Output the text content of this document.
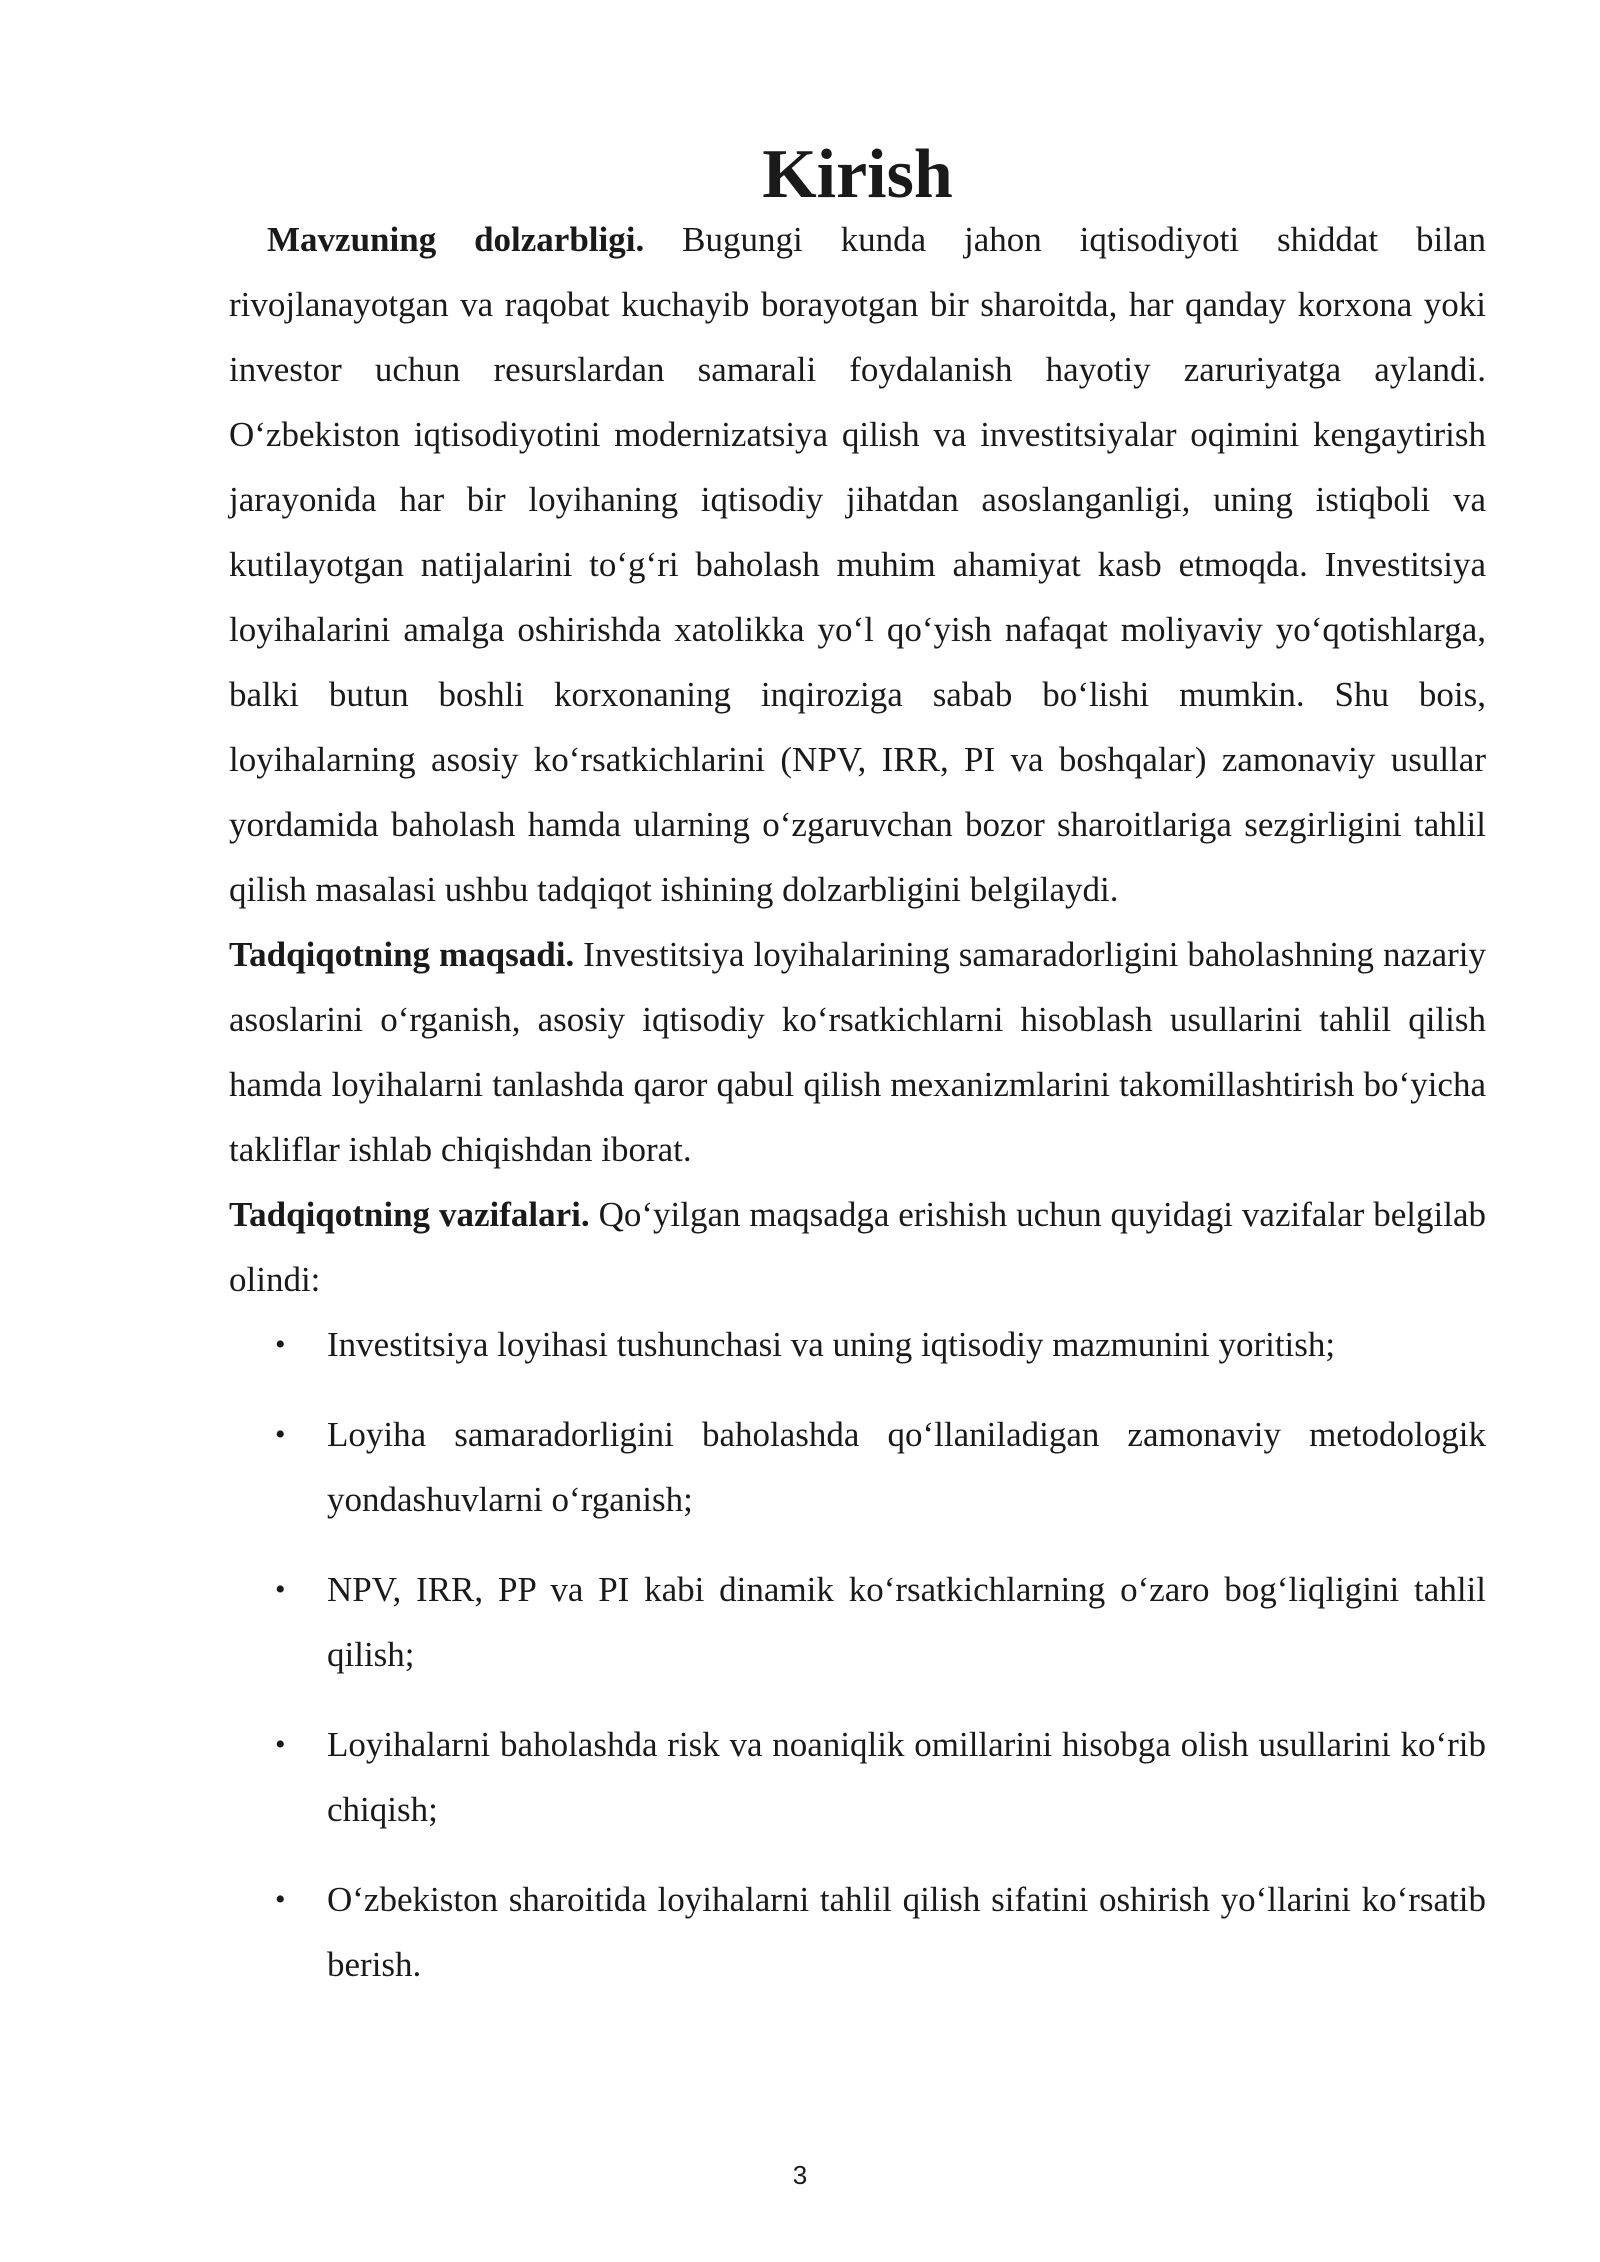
Kirish

Mavzuning dolzarbligi. Bugungi kunda jahon iqtisodiyoti shiddat bilan rivojlanayotgan va raqobat kuchayib borayotgan bir sharoitda, har qanday korxona yoki investor uchun resurslardan samarali foydalanish hayotiy zaruriyatga aylandi. O‘zbekiston iqtisodiyotini modernizatsiya qilish va investitsiyalar oqimini kengaytirish jarayonida har bir loyihaning iqtisodiy jihatdan asoslanganligi, uning istiqboli va kutilayotgan natijalarini to‘g‘ri baholash muhim ahamiyat kasb etmoqda. Investitsiya loyihalarini amalga oshirishda xatolikka yo‘l qo‘yish nafaqat moliyaviy yo‘qotishlarga, balki butun boshli korxonaning inqiroziga sabab bo‘lishi mumkin. Shu bois, loyihalarning asosiy ko‘rsatkichlarini (NPV, IRR, PI va boshqalar) zamonaviy usullar yordamida baholash hamda ularning o‘zgaruvchan bozor sharoitlariga sezgirligini tahlil qilish masalasi ushbu tadqiqot ishining dolzarbligini belgilaydi.

Tadqiqotning maqsadi. Investitsiya loyihalarining samaradorligini baholashning nazariy asoslarini o‘rganish, asosiy iqtisodiy ko‘rsatkichlarni hisoblash usullarini tahlil qilish hamda loyihalarni tanlashda qaror qabul qilish mexanizmlarini takomillashtirish bo‘yicha takliflar ishlab chiqishdan iborat.

Tadqiqotning vazifalari. Qo‘yilgan maqsadga erishish uchun quyidagi vazifalar belgilab olindi:

• Investitsiya loyihasi tushunchasi va uning iqtisodiy mazmunini yoritish;
• Loyiha samaradorligini baholashda qo‘llaniladigan zamonaviy metodologik yondashuvlarni o‘rganish;
• NPV, IRR, PP va PI kabi dinamik ko‘rsatkichlarning o‘zaro bog‘liqligini tahlil qilish;
• Loyihalarni baholashda risk va noaniqlik omillarini hisobga olish usullarini ko‘rib chiqish;
• O‘zbekiston sharoitida loyihalarni tahlil qilish sifatini oshirish yo‘llarini ko‘rsatib berish.
3
